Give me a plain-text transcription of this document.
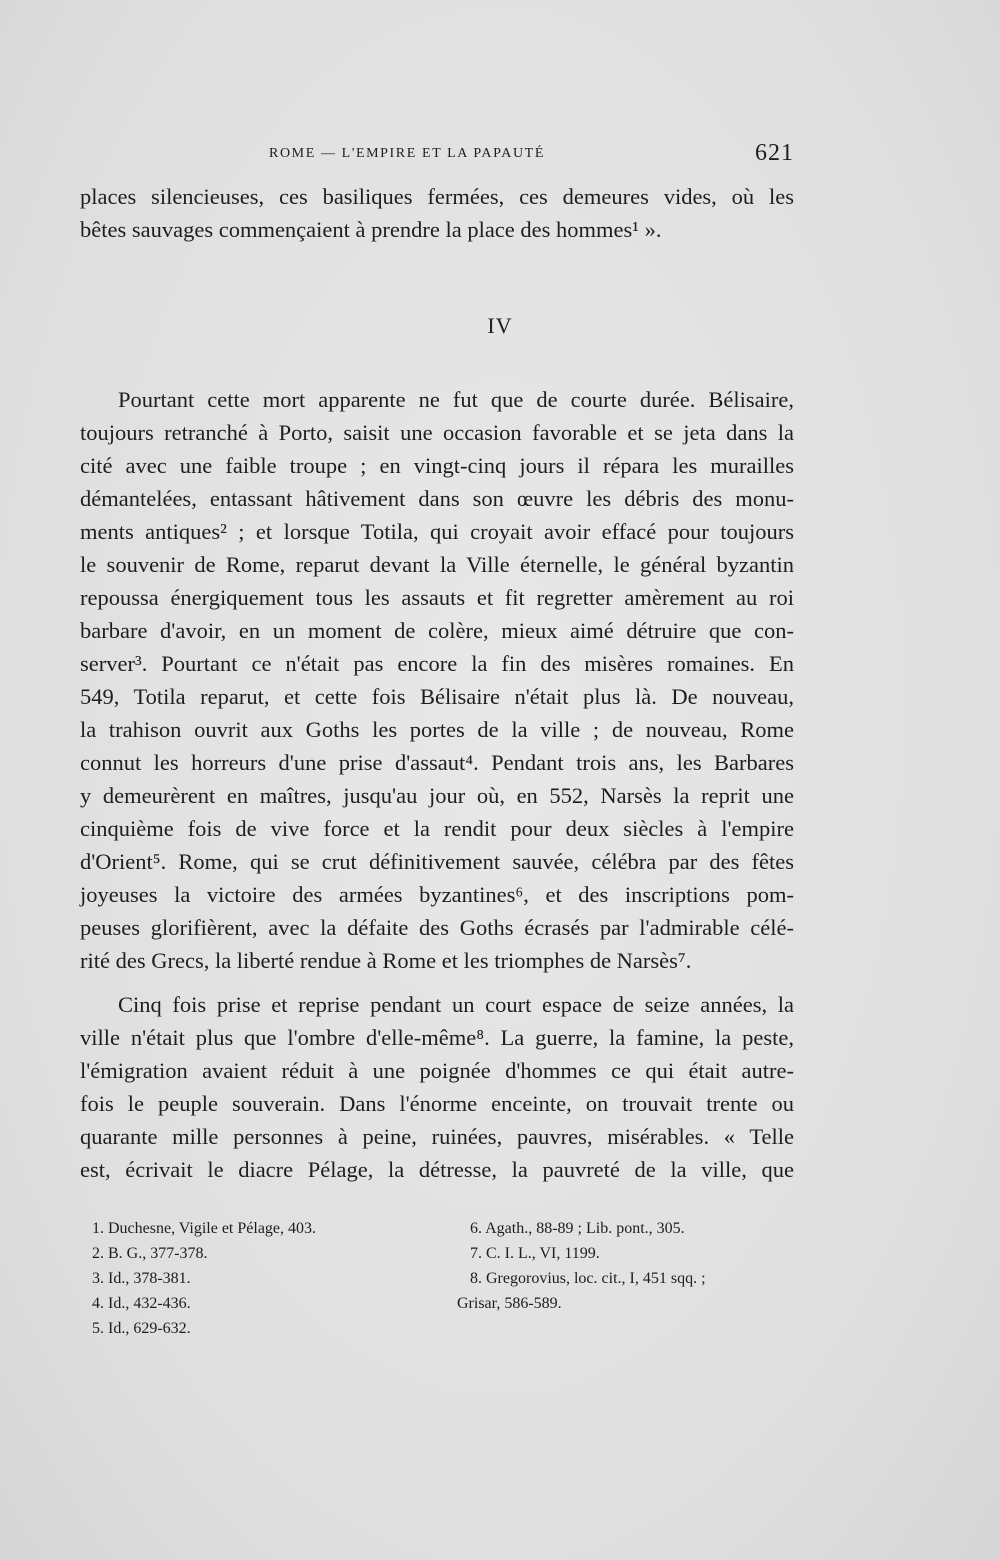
ROME — L'EMPIRE ET LA PAPAUTÉ	621
places silencieuses, ces basiliques fermées, ces demeures vides, où les
bêtes sauvages commençaient à prendre la place des hommes¹ ».
IV
Pourtant cette mort apparente ne fut que de courte durée. Bélisaire,
toujours retranché à Porto, saisit une occasion favorable et se jeta dans la
cité avec une faible troupe ; en vingt-cinq jours il répara les murailles
démantelées, entassant hâtivement dans son œuvre les débris des monu-
ments antiques² ; et lorsque Totila, qui croyait avoir effacé pour toujours
le souvenir de Rome, reparut devant la Ville éternelle, le général byzantin
repoussa énergiquement tous les assauts et fit regretter amèrement au roi
barbare d'avoir, en un moment de colère, mieux aimé détruire que con-
server³. Pourtant ce n'était pas encore la fin des misères romaines. En
549, Totila reparut, et cette fois Bélisaire n'était plus là. De nouveau,
la trahison ouvrit aux Goths les portes de la ville ; de nouveau, Rome
connut les horreurs d'une prise d'assaut⁴. Pendant trois ans, les Barbares
y demeurèrent en maîtres, jusqu'au jour où, en 552, Narsès la reprit une
cinquième fois de vive force et la rendit pour deux siècles à l'empire
d'Orient⁵. Rome, qui se crut définitivement sauvée, célébra par des fêtes
joyeuses la victoire des armées byzantines⁶, et des inscriptions pom-
peuses glorifièrent, avec la défaite des Goths écrasés par l'admirable célé-
rité des Grecs, la liberté rendue à Rome et les triomphes de Narsès⁷.
Cinq fois prise et reprise pendant un court espace de seize années, la
ville n'était plus que l'ombre d'elle-même⁸. La guerre, la famine, la peste,
l'émigration avaient réduit à une poignée d'hommes ce qui était autre-
fois le peuple souverain. Dans l'énorme enceinte, on trouvait trente ou
quarante mille personnes à peine, ruinées, pauvres, misérables. « Telle
est, écrivait le diacre Pélage, la détresse, la pauvreté de la ville, que
1. Duchesne, Vigile et Pélage, 403.
2. B. G., 377-378.
3. Id., 378-381.
4. Id., 432-436.
5. Id., 629-632.
6. Agath., 88-89 ; Lib. pont., 305.
7. C. I. L., VI, 1199.
8. Gregorovius, loc. cit., I, 451 sqq. ;
Grisar, 586-589.
